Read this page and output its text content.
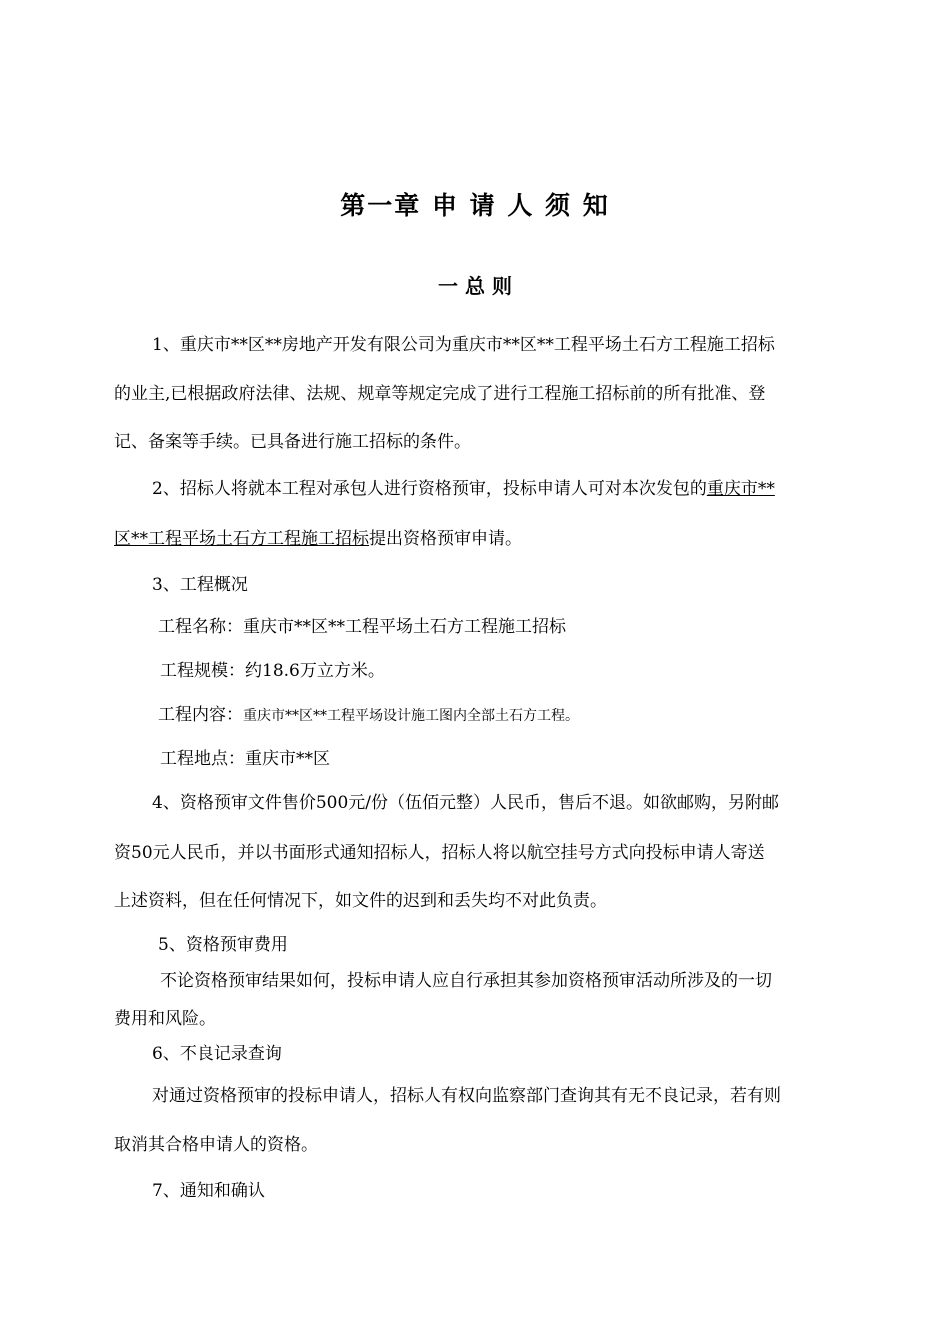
第一章 申 请 人 须 知
一 总 则
1、重庆市**区**房地产开发有限公司为重庆市**区**工程平场土石方工程施工招标
的业主,已根据政府法律、法规、规章等规定完成了进行工程施工招标前的所有批准、登
记、备案等手续。已具备进行施工招标的条件。
2、招标人将就本工程对承包人进行资格预审，投标申请人可对本次发包的重庆市**
区**工程平场土石方工程施工招标提出资格预审申请。
3、工程概况
工程名称：重庆市**区**工程平场土石方工程施工招标
工程规模：约18.6万立方米。
工程内容：重庆市**区**工程平场设计施工图内全部土石方工程。
工程地点：重庆市**区
4、资格预审文件售价500元/份（伍佰元整）人民币，售后不退。如欲邮购，另附邮
资50元人民币，并以书面形式通知招标人，招标人将以航空挂号方式向投标申请人寄送
上述资料，但在任何情况下，如文件的迟到和丢失均不对此负责。
5、资格预审费用
不论资格预审结果如何，投标申请人应自行承担其参加资格预审活动所涉及的一切
费用和风险。
6、不良记录查询
对通过资格预审的投标申请人，招标人有权向监察部门查询其有无不良记录，若有则
取消其合格申请人的资格。
7、通知和确认
